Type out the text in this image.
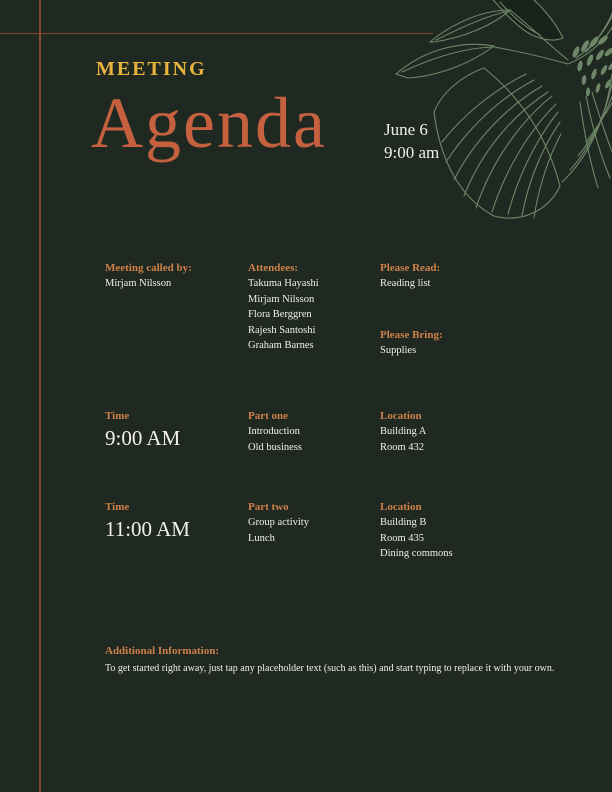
MEETING
Agenda	June 6
9:00 am
Meeting called by:
Mirjam Nilsson
Attendees:
Takuma Hayashi
Mirjam Nilsson
Flora Berggren
Rajesh Santoshi
Graham Barnes
Please Read:
Reading list
Please Bring:
Supplies
Time
9:00 AM
Part one
Introduction
Old business
Location
Building A
Room 432
Time
11:00 AM
Part two
Group activity
Lunch
Location
Building B
Room 435
Dining commons
Additional Information:
To get started right away, just tap any placeholder text (such as this) and start typing to replace it with your own.
